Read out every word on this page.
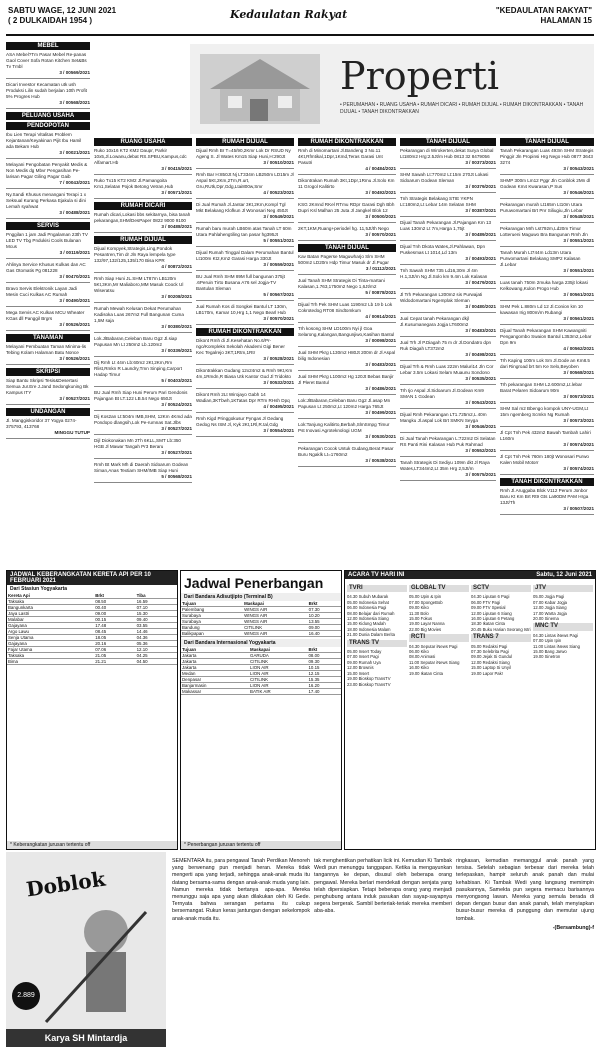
SABTU WAGE, 12 JUNI 2021
( 2 DULKAIDAH 1954 )	Kedaulatan Rakyat	"KEDAULATAN RAKYAT"
HALAMAN 15
MEBEL
ASA Mebel?Tm Pasar Mebel Re-panas Gaol Cover Sofa Rotan Kitchen Set&Bs Tv Tmbl
3 / 00569/2021
Dicari Investor Kecamatan utk ush Produksi Lilin sudah berjalan 10th Profit 5% Progres Hub
3 / 00568/2021
PELUANG USAHA
PENDOPOTAN
Ibu Lien Terapi Vitalitas Problem Kejantanan/Keyakinan Pijit Ibu Hamil ada Bekam Hub
3 / 00021/2021
Melayani Pengobatan Penyakit Medis & Non Medis dg Mbvr Pengasihan Pe-larisan Pagar Giling Pagar Gaib
7 / 00043/2021
Ny.Sandi Khusus menangani Terapi 1 x Seksual Kurang Perkasa Ejakula si dini Lemah syahwat
3 / 00488/2021
SERVIS
Pnggilan 1 jam Jadi Pngalaman 23th TV LED TV Tbg Pndukisi Cools Bulanan Mcus
3 / 00119/2021
Ahlinya Service Khusus Kulkas dan AC Gas Otomatis Pg 081228
3 / 00470/2021
Bravo Servis Elektronik Layan Jadi Mesin Cuci Kulkas AC Rumah
3 / 00490/2021
Mega Servis AC Kulkas MCU Wheater KGas dll Panggil Brgrs
3 / 00526/2021
TANAMAN
Melayani Pembuatan Taman Minima-lis Tebing Kolam Halaman Batu Nonce
3 / 00526/2021
SKRIPSI
Siap Bantu Skripsi Tesis&Desertasi Semua Jur.Ere J.Jand Sedongkuning Bk Kampus ITY
3 / 00527/2021
UNDANGAN
Jl. Manggiskoridor 37 Yogya 0274-375793, 413768
MINGGU TUTUP
Properti
• PERUMAHAN • RUANG USAHA • RUMAH DICARI • RUMAH DIJUAL • RUMAH DIKONTRAKKAN • TANAH DIJUAL • TANAH DIKONTRAKKAN
RUANG USAHA
Ruko 10x16 KT2 KM2 Daupr, Parkir 10x5,Jl.Lowanu,debat RS.SPBU,Kampus,cdc Alfamart.Hb
3 / 00415/2021
Ruko Tx15 KT2 KM2 Jl.Pamangoita Km1,Selatan Pojok Betong Vetran,Hub
3 / 00571/2021
RUMAH DICARI
Rumah dicari,Lokasi bbs sekitarnya, bisa tanah pekarangan,SHM/DesPaper 0822 9000 9100
3 / 00488/2021
RUMAH DIJUAL
Dijual Kompyek,Strategis,Ling,Pondok Pesantren,Tim dr Jln Raya lempela type 132/97,132/125,135/170 Bisa KPR
4 / 00872/2021
Rmh Siap Huni JL.SHM LT87m LB120m 5Kt,3Km,Mr Maliaboro,MM Masuk Coock Ul Wiseratsu
3 / 00208/2021
Rumah Mewah Kelusan Dekat Perumahan Kadisoka Luas 267m2 Full Bangunan Cuma 1,5M saja
3 / 00380/2021
Lok.JlBabaran,Celeban Baru Gg2 Jl.siap Papusan Mn Lt 250m2 Lb.120m2
3 / 00339/2021
Dij Rmh Lt 44m Lb:60m2 2Kt,2Km,Rm Rlist,Rmkn R Laundry,Tmn Sinping,Carport Hadap Timur
5 / 00403/2021
BU Jual Rmh Siap Huni Perum Pari Gendonis Pajangan Bt LT.122 LB.54 Nego 650Jt
3 / 00524/2021
Dij Kos2an Lt:504m IMB,SHM, 12Km 4Kmd ada Pondopo dlangsih,Lok Pe-rumnas Sat.Jlbs
3 / 00527/2021
Dijl Diokonakan Mn 2Th 6KLL,SMT Lb:350 HGB Jl Mawar Tangah Pr3 Beraru
3 / 00527/2021
Rmh Bt Mark Mh di Daerah Sidoarum Godean Siman,Anas Textiam SHM/IMB Siap Huni
5 / 00568/2021
RUMAH DIJUAL
Dijual Rmh Br T=45/90,2Kmr Lok Dr RSUD Ny Ageng S. Jl Wates Km15 Siap Huni,H:290Jt
3 / 00510/2021
Rmh Bar H:850Jt Nj LT334m LB250m LD15m Jl Aspal 5Kt,2Km,2Tm,R.urt, Gru,RUtk,Dpr,Gdg,Ltai800w,Smr
4 / 00523/2021
Di Jual Rumah Jl.Jantar 3Kt,2Km,Kompl Tgl Mkt Belakang Klofkun Jl Wonosari Neg 450Jt
3 / 00549/2021
Rumah baru murah LB60m atas Tanah LT 60m Utara Pahlahengtiling tan pasar hg395Jt
5 / 00551/2021
Dijual Rumah Tinggal Dalam Perumahan Bantul Lt100m Kt2,Km2 Garasi Harga 330Jt
3 / 00559/2021
BU Jual Rmh SHM 89M full bangunan 375jt .6Peruin Tirto Busana A76 sel Jogja-TV Bantulan Sleman
5 / 00567/2021
Jual Rumah Kos di Songkei Bantul LT 130m, LB170m, Kamar 10,Hrg 1,1 Nego Bearl Hub
3 / 00570/2021
RUMAH DIKONTRAKKAN
Dikont Rmh di Jl.Kesehatan No.6/Pr-ngo/Kompleks Sekolah Akademi Gigi Bener Kec Tegalrejo 3KT,1Rtm,1Rtr
3 / 00528/2021
Dikontrakkan Gudang 12x24m2 & Rmh 9Kt,Km 4m,1Rmdn,R Biasa Utk Kantor Gud Jl Tridokto
3 / 00532/2021
Dikont Rmh 2Lt Wirojayo Gabh 14 Wadian,3KTbwh,1KTatas Dpr RTm RHsh Dpq
4 / 00495/2021
Rmh Kigd Pringgokusur Pyngas Jl Gedang Gedog Ns ISM Jl, Kyk 2Kt,1Rl,R.tal,Gdg
3 / 00554/2021
RUMAH DIKONTRAKKAN
Rmh di Minomartani Jl.Bandeng 3 No.11 4Kt,Rfmtikal,1Dpr,1Kmd,Teras Garasi Unt Pasutri
4 / 00484/2021
Dikontrakan Rumah 3Kt,1Dpr,1Rmu Jl.Solo Km 11 Grogol Kalitirto
3 / 00492/2021
KSG 2Kmnd RKel RTmu RDpr Garasi Dgh Bbh Dupri Ksl Malhan 25 Juta Jl Jangkel Blok 12
3 / 00500/2021
2KT,1KM,Ruang+periodel hg. 11,5Jt/th Nego
3 / 00570/2021
TANAH DIJUAL
Kav Batan Pagerse Maguwharjo Slm SHM 500m2 LD20m Hdp Timur Masuk dr Jl.Pugar
3 / 01112/2021
Jual Tanah SHM Strategis Di Tinta-martani Kalasan,1.763,1750m2 Nego 1,6Jt/m2
5 / 00878/2021
Dijual Trh Pek SHM Luas 1190m2 Lb 19 b Lok Cokrotedog RT08 Sindtomkum
4 / 00914/2021
Trh kosong SHM LD100m Nyi jl Goa Selarong,Kalangan,Bangunjiwo,Kasihan Bantul
3 / 00098/2021
Jual SHM Pkrg L130m2 H80Jt 200m dr Jl Aspal bilig Indonesian
3 / 00483/2021
Jual SHM Pkrg L100m2 Hg 120Jt Bebas Banjir Jl Pleret Bantul
3 / 00486/2021
Lok:JlBabaran,Celeban Baru Gg2 Jl.asap Mn Papusan Lt 250m2,Lt 120m2 Harga 765Jt
3 / 00499/2021
Lok:Tanjung Kalitirto,Berbah,SlmSmpg Timur Pst Inovasi Agroteknologi UGM
3 / 00530/2021
Pekarangan Cocok Untuk Gudang,Berat Pasar Buru Ngaklk Lt=1760m2
3 / 00538/2021
TANAH DIJUAL
Pekarangan di Wirokerten,dekat Surya Global Lt180m2 Hrg:2.5Jt/m Hub 0813 32 8479056
3 / 00373/2021
SHM Sawah Lt:770m2 Lt:15m 270Jt Lokasi Sidoarum Godean Sleman
3 / 00379/2021
Tnh Strategis Belakang STIE YKPN Lt:180m2,Lt Lebar 14m Selatan SHM
3 / 00387/2021
Dijual Tanah Pekarangan Jl.Pajangan Km 13 Luas 130m2 Lt 7m,Harga 1,75jt
3 / 00489/2021
Dijual Tnh Dkota Wates,Jl.Pahlawan, Dpn Puskesmas Lt 1014,Ld 13m
3 / 00493/2021
Tnh Sawah SHM 735 Ld16,30m Jl 4m H.1,3Jt/m Ng Jl.Solo km 9.4m Lok Kalasan
3 / 00479/2021
Jl Trh Pekarangan L200m2 sis Purwajati Widodomartani Ngemplak Sleman
3 / 00480/2021
Jual Cepat tanah Pekarangan dkjl Jl.Kusumanegara Jogja LT600m2
3 / 00483/2021
Jual Trh Jl P.Diagah 75 m dr Jl.Dondatro dpn Ruk Diagah LT372m2
3 / 00498/2021
Dijual Trh & Rmh Luas 222m Maluri14 Jln Cor Lebar 3.5m Lokasi Selam Muaunu Sondono
3 / 00535/2021
Trh Ijo Aspal Jl.Sidoarum Jl.Godean Km9 SMAN 1 Godean
3 / 00543/2021
Dijual Rmh Pekarangan LT1.725m2,L 40m Mangku Jl.aspal Lok Brt SMKN Seyga
3 / 00546/2021
Di Jual Tanah Pekarangan L:722m2 Di Selatan RS Panti Rini Kalasan Hub Puk Rahmad
3 / 00552/2021
Tanah Strategis Di Sediyu 109m dkt Jl Raya Wates,LT344m2,Lt 35m Hrg 2,5Jt/m
3 / 00575/2021
TANAH DIJUAL
Tanah Pekarangan Luas 493m SHM Strategis Pinggir Jln Propinsi Hrg Nego Hub 0877 3643 3274
3 / 00543/2021
SHMP 300m Lm12 Pggr Jln Conblok 2Mn dl Godean Km4 Kwarasan,P Sus
3 / 00546/2021
Pekarangan murah Lt165m Lt10m Utara Puruwomartani Brt Pnr Siliugiu,Jln Lebar
3 / 00548/2021
Pekarangan Mrh Lst792m,Ld20m Timur Lotterueni Maguwo Bra Bangunan Rmh Jln
3 / 00551/2021
Tanah Murah Lt744m Ld13m Utara Purwomartani Belakang SMP2 Kalasan Jl.Lebar
3 / 00551/2021
Luas tanah 750m 2muka harga 235jt lokasi Kelkowang,Kulon Progo Hub
3 / 00561/2021
SHM Pek L.880m Ld 12 Jl.Conion km 10 kawasan Irig 800m/m Rubangi
3 / 00561/2021
Dijual Tanah Pekarangan SHM Kawangniti Pengangombo Swaion Bantul L353m2,Lebar Dpn 9m
4 / 00562/2021
Trh Kaping 100m Lok Sm Jl.Gode an Km8.5 dari Ringroad brt 5m Ke Selo,Beyoben
3 / 00568/2021
Trh pekarangan SHM L2.600m2,Lt.lebar Barat Pelaren Sidoarum 90m
3 / 00573/2021
SHM Sal m2 Bbengo kompok UNY-UGM,Lt 15m ngemberg Scmkn Ng Rumah
3 / 00573/2021
Jl Cpt Tnh Pek 432m2 Bawah Tambah Lahiri L160m
3 / 00574/2021
Jl Cpt Tnh Pek 760m 180jt Wonosari Purwo Kalen Mobil Motorr
3 / 00574/2021
TANAH DIKONTRAKKAN
Rmh Jl.Aruggaba Blok V112 Perum Jonbor Baru Kt Km Brt Rt9 Gts La90DM PAM Hrga 13Jt/Th
3 / 00507/2021
JADWAL KEBERANGKATAN KERETA API PER 10 FEBRUARI 2021
Dari Stasiun Yogyakarta
Kereta Api	Brkt	Tiba
Taksaka	08.50	16.59
Bangunkarta	00.40	07.10
Jaya Lastri	09.00	15.30
Malabar	00.15	09.40
Gajayana	17.48	03.55
Argo Lawu	08.45	14.46
Senja Utama	18.05	04.36
Gajayana	20.16	05.36
Fajar Utama	07.06	12.10
Taksaka	21.05	04.25
Bima	21.21	04.50
* Keberangkatan jurusan tertentu off
Jadwal Penerbangan
Dari Bandara Adisutjipto (Terminal B)
Tujuan	Maskapai	Brkt
Palembang	WINGS AIR	07.30
Surabaya	WINGS AIR	10.20
Surabaya	WINGS AIR	13.55
Bandung	CITILINK	09.00
Balikpapan	WINGS AIR	16.40
Dari Bandara Internasional Yogyakarta
Tujuan	Maskapai	Brkt
Jakarta	GARUDA	08.00
Jakarta	CITILINK	09.30
Jakarta	LION AIR	10.15
Medan	LION AIR	12.15
Denpasar	CITILINK	15.35
Banjarmasin	LION AIR	16.20
Makassar	BATIK AIR	17.40
* Penerbangan jurusan tertentu off
ACARA TV HARI INI	Sabtu, 12 Juni 2021
TVRI
04.30 Subuh Mubarak
05.00 Indonesia Sehat
06.00 Indonesia Pagi
08.00 Belajar dari Rumah
12.00 Indonesia Siang
15.00 Kidung Madah
18.00 Indonesia Malam
21.00 Dunia Dalam Berita
TRANS TV
05.00 Insert Today
07.00 Insert Pagi
09.00 Rumah Uya
12.00 Brownis
15.00 Insert
19.00 Bioskop TransTV
23.00 Bioskop TransTV
GLOBAL TV
05.00 Upin & Ipin
07.00 SpongeBob
09.00 Kiko
11.30 Bolo
15.00 Fokus
19.00 Layar Nanna
22.00 Big Movies
RCTI
04.30 Seputar iNews Pagi
06.00 Kiko
08.00 Animasi
11.00 Seputar iNews Siang
16.00 Kiko
19.00 Ikatan Cinta
SCTV
04.30 Liputan 6 Pagi
06.00 FTV Pagi
09.00 FTV Spesial
12.00 Liputan 6 Siang
16.00 Liputan 6 Petang
18.30 Ikatan Cinta
20.45 Buku Harian Seorang Istri
TRANS 7
05.00 Redaksi Pagi
07.30 Selebrita Pagi
09.00 Jejak Si Gundul
12.00 Redaksi Siang
15.00 Laptop Si Unyil
19.00 Lapor Pak!
JTV
05.00 Jogja Pagi
07.00 Kabar Jogja
12.00 Jogja Siang
17.00 Warta Jogja
20.00 Sinema
MNC TV
04.30 Lintas iNews Pagi
07.00 Upin Ipin
11.00 Lintas iNews Siang
15.00 Bang Jarwo
19.00 Sinetron
Doblok
2.889
Karya SH Mintardja
SEMENTARA itu, para pengawal Tanah Perdikan Menoreh yang berwenang pun menjadi heran. Mereka tidak mengerti apa yang terjadi, sehingga anak-anak muda itu datang bersama-sama dengan anak-anak muda yang lain. Namun mereka tidak bertanya apa-apa. Mereka menunggu saja apa yang akan dilakukan oleh Ki Gede. Ternyata bahwa serangan pertama itu cukup bersemangat. Rukun keras jantungan dengan sekelompok anak-anak muda itu.
tak menghentikan perhatikan licik ini. Kemudian Ki Tambak Wedi pun menunggu tanggapan. Ketika ia mengayunkan tangannya ke depan, disusul oleh beberapa orang pengawal. Mereka berlari mendekati dengan senjata yang telah dipersiapkan. Tetapi beberapa orang yang menjadi penghubung antara induk pasukan dan sayap-sayapnya segera bergerak. Sambil berteriak-teriak mereka memberi aba-aba.
ringkasan, kemudian memanggul anak panah yang tersisa. Setelah sebagian terbesar dari mereka telah terlepaskan, hampir seluruh anak panah dan mulai kehabisan. Ki Tambak Wedi yang langsung memimpin pasukannya, Samekta pun segera memacu barisannya menyongsong lawan. Mereka yang semula berada di depan dengan busur dan anak panah, telah menyiapkan busur-busur mereka di punggung dan memutar ujung tombak.
-(Bersambung)-f
